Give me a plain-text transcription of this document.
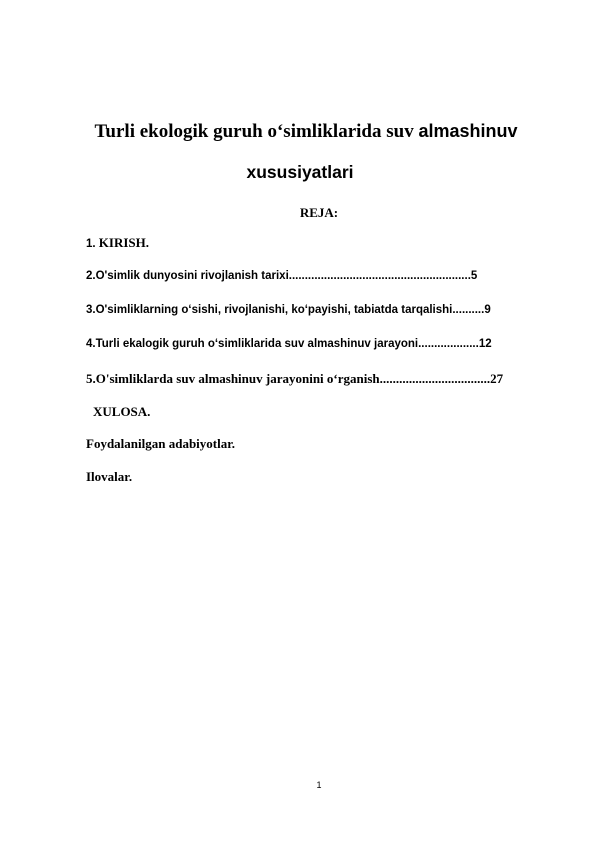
Turli ekologik guruh o‘simliklarida suv almashinuv

xususiyatlari

REJA:

1. KIRISH.

2.O'simlik dunyosini rivojlanish tarixi.........................................................5

3.O'simliklarning o‘sishi, rivojlanishi, ko‘payishi, tabiatda tarqalishi..........9

4.Turli ekalogik guruh o‘simliklarida suv almashinuv jarayoni...................12

5.O'simliklarda suv almashinuv jarayonini o‘rganish..................................27

XULOSA.

Foydalanilgan adabiyotlar.

Ilovalar.

1
